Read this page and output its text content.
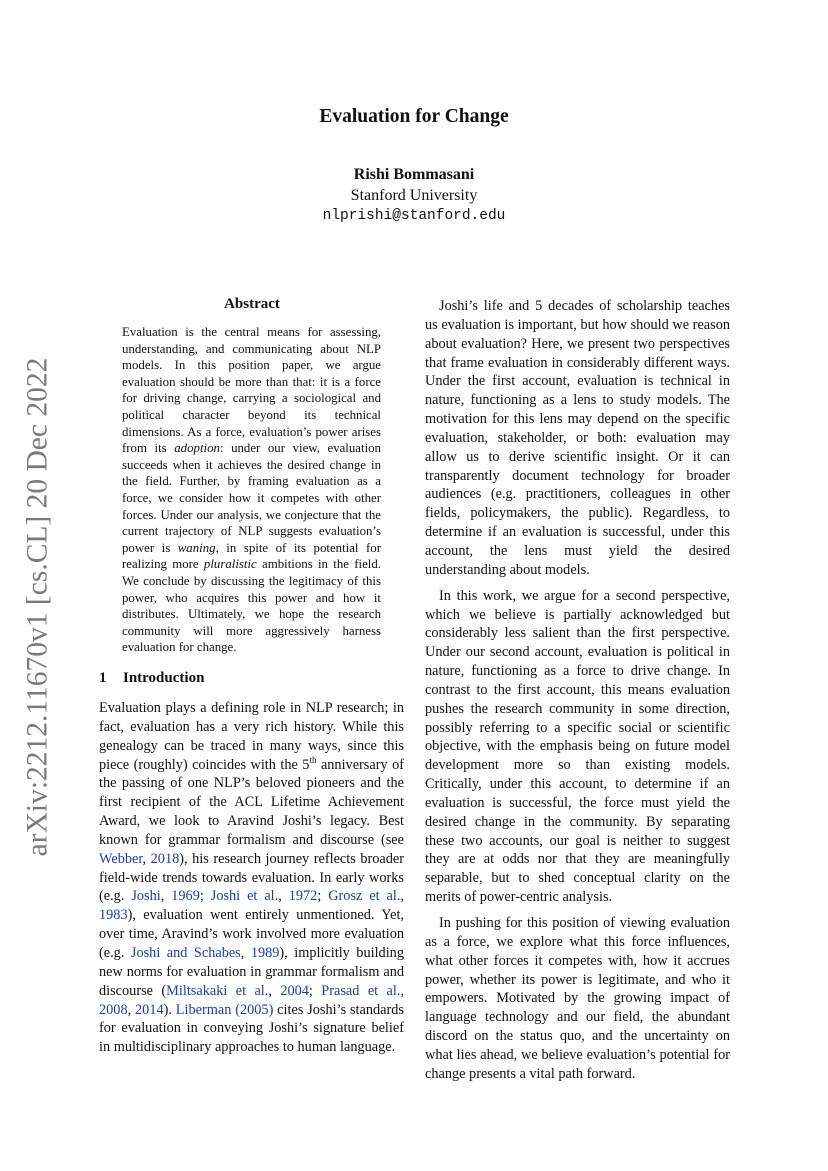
arXiv:2212.11670v1 [cs.CL] 20 Dec 2022
Evaluation for Change
Rishi Bommasani
Stanford University
nlprishi@stanford.edu
Abstract
Evaluation is the central means for assessing, understanding, and communicating about NLP models. In this position paper, we argue evaluation should be more than that: it is a force for driving change, carrying a sociological and political character beyond its technical dimensions. As a force, evaluation’s power arises from its adoption: under our view, evaluation succeeds when it achieves the desired change in the field. Further, by framing evaluation as a force, we consider how it competes with other forces. Under our analysis, we conjecture that the current trajectory of NLP suggests evaluation’s power is waning, in spite of its potential for realizing more pluralistic ambitions in the field. We conclude by discussing the legitimacy of this power, who acquires this power and how it distributes. Ultimately, we hope the research community will more aggressively harness evaluation for change.
1 Introduction

Evaluation plays a defining role in NLP research; in fact, evaluation has a very rich history. While this genealogy can be traced in many ways, since this piece (roughly) coincides with the 5th anniversary of the passing of one NLP’s beloved pioneers and the first recipient of the ACL Lifetime Achievement Award, we look to Aravind Joshi’s legacy. Best known for grammar formalism and discourse (see Webber, 2018), his research journey reflects broader field-wide trends towards evaluation. In early works (e.g. Joshi, 1969; Joshi et al., 1972; Grosz et al., 1983), evaluation went entirely unmentioned. Yet, over time, Aravind’s work involved more evaluation (e.g. Joshi and Schabes, 1989), implicitly building new norms for evaluation in grammar formalism and discourse (Miltsakaki et al., 2004; Prasad et al., 2008, 2014). Liberman (2005) cites Joshi’s standards for evaluation in conveying Joshi’s signature belief in multidisciplinary approaches to human language.

Joshi’s life and 5 decades of scholarship teaches us evaluation is important, but how should we reason about evaluation? Here, we present two perspectives that frame evaluation in considerably different ways. Under the first account, evaluation is technical in nature, functioning as a lens to study models. The motivation for this lens may depend on the specific evaluation, stakeholder, or both: evaluation may allow us to derive scientific insight. Or it can transparently document technology for broader audiences (e.g. practitioners, colleagues in other fields, policymakers, the public). Regardless, to determine if an evaluation is successful, under this account, the lens must yield the desired understanding about models.

In this work, we argue for a second perspective, which we believe is partially acknowledged but considerably less salient than the first perspective. Under our second account, evaluation is political in nature, functioning as a force to drive change. In contrast to the first account, this means evaluation pushes the research community in some direction, possibly referring to a specific social or scientific objective, with the emphasis being on future model development more so than existing models. Critically, under this account, to determine if an evaluation is successful, the force must yield the desired change in the community. By separating these two accounts, our goal is neither to suggest they are at odds nor that they are meaningfully separable, but to shed conceptual clarity on the merits of power-centric analysis.

In pushing for this position of viewing evaluation as a force, we explore what this force influences, what other forces it competes with, how it accrues power, whether its power is legitimate, and who it empowers. Motivated by the growing impact of language technology and our field, the abundant discord on the status quo, and the uncertainty on what lies ahead, we believe evaluation’s potential for change presents a vital path forward.
